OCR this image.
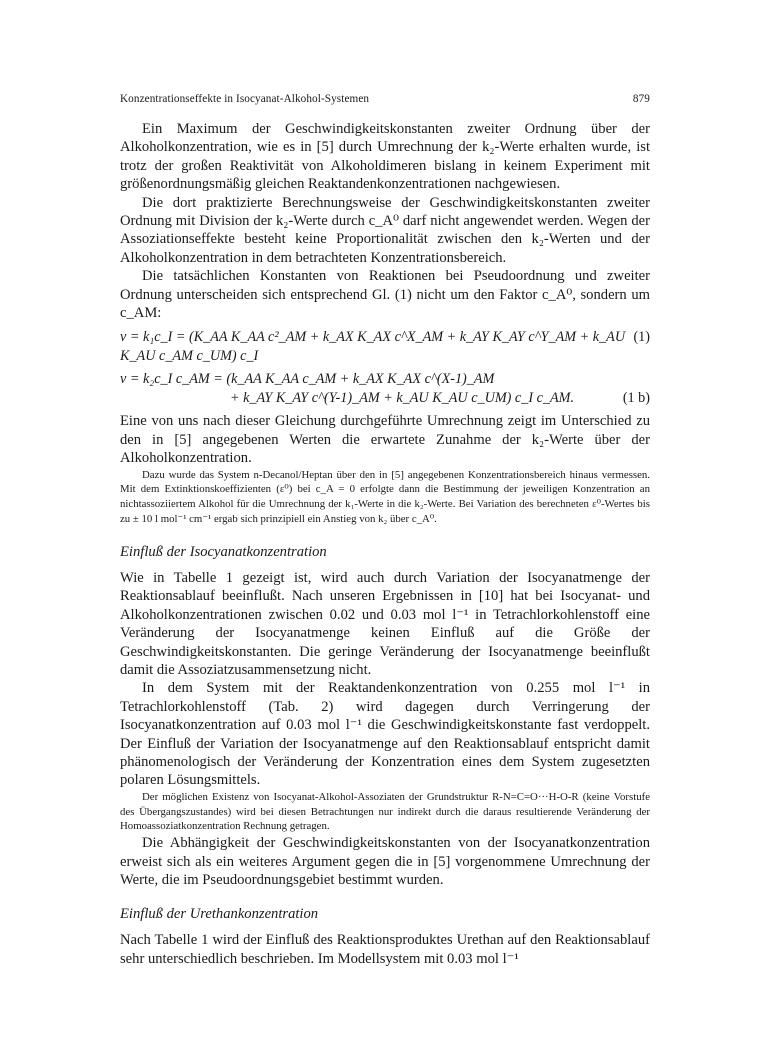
Konzentrationseffekte in Isocyanat-Alkohol-Systemen	879

Ein Maximum der Geschwindigkeitskonstanten zweiter Ordnung über der Alkoholkonzentration, wie es in [5] durch Umrechnung der k₂-Werte erhalten wurde, ist trotz der großen Reaktivität von Alkoholdimeren bislang in keinem Experiment mit größenordnungsmäßig gleichen Reaktandenkonzentrationen nachgewiesen.

Die dort praktizierte Berechnungsweise der Geschwindigkeitskonstanten zweiter Ordnung mit Division der k₂-Werte durch c_A⁰ darf nicht angewendet werden. Wegen der Assoziationseffekte besteht keine Proportionalität zwischen den k₂-Werten und der Alkoholkonzentration in dem betrachteten Konzentrationsbereich.

Die tatsächlichen Konstanten von Reaktionen bei Pseudoordnung und zweiter Ordnung unterscheiden sich entsprechend Gl. (1) nicht um den Faktor c_A⁰, sondern um c_AM:

v = k₁c_I = (K_AA K_AA c²_AM + k_AX K_AX c^X_AM + k_AY K_AY c^Y_AM + k_AU K_AU c_AM c_UM) c_I
(1)
v = k₂c_I c_AM = (k_AA K_AA c_AM + k_AX K_AX c^(X-1)_AM
+ k_AY K_AY c^(Y-1)_AM + k_AU K_AU c_UM) c_I c_AM.	(1 b)

Eine von uns nach dieser Gleichung durchgeführte Umrechnung zeigt im Unterschied zu den in [5] angegebenen Werten die erwartete Zunahme der k₂-Werte über der Alkoholkonzentration.

Dazu wurde das System n-Decanol/Heptan über den in [5] angegebenen Konzentrationsbereich hinaus vermessen. Mit dem Extinktionskoeffizienten (ε⁰) bei c_A = 0 erfolgte dann die Bestimmung der jeweiligen Konzentration an nichtassoziiertem Alkohol für die Umrechnung der k₁-Werte in die k₂-Werte. Bei Variation des berechneten ε⁰-Wertes bis zu ± 10 l mol⁻¹ cm⁻¹ ergab sich prinzipiell ein Anstieg von k₂ über c_A⁰.

Einfluß der Isocyanatkonzentration

Wie in Tabelle 1 gezeigt ist, wird auch durch Variation der Isocyanatmenge der Reaktionsablauf beeinflußt. Nach unseren Ergebnissen in [10] hat bei Isocyanat- und Alkoholkonzentrationen zwischen 0.02 und 0.03 mol l⁻¹ in Tetrachlorkohlenstoff eine Veränderung der Isocyanatmenge keinen Einfluß auf die Größe der Geschwindigkeitskonstanten. Die geringe Veränderung der Isocyanatmenge beeinflußt damit die Assoziatzusammensetzung nicht.

In dem System mit der Reaktandenkonzentration von 0.255 mol l⁻¹ in Tetrachlorkohlenstoff (Tab. 2) wird dagegen durch Verringerung der Isocyanatkonzentration auf 0.03 mol l⁻¹ die Geschwindigkeitskonstante fast verdoppelt. Der Einfluß der Variation der Isocyanatmenge auf den Reaktionsablauf entspricht damit phänomenologisch der Veränderung der Konzentration eines dem System zugesetzten polaren Lösungsmittels.

Der möglichen Existenz von Isocyanat-Alkohol-Assoziaten der Grundstruktur R-N=C=O···H-O-R (keine Vorstufe des Übergangszustandes) wird bei diesen Betrachtungen nur indirekt durch die daraus resultierende Veränderung der Homoassoziatkonzentration Rechnung getragen.

Die Abhängigkeit der Geschwindigkeitskonstanten von der Isocyanatkonzentration erweist sich als ein weiteres Argument gegen die in [5] vorgenommene Umrechnung der Werte, die im Pseudoordnungsgebiet bestimmt wurden.

Einfluß der Urethankonzentration

Nach Tabelle 1 wird der Einfluß des Reaktionsproduktes Urethan auf den Reaktionsablauf sehr unterschiedlich beschrieben. Im Modellsystem mit 0.03 mol l⁻¹
